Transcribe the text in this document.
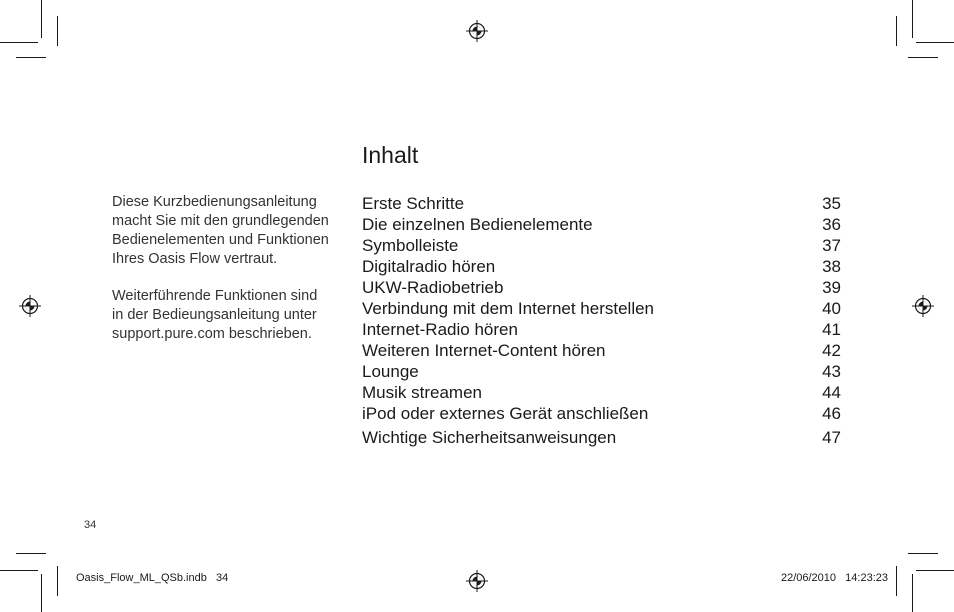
Diese Kurzbedienungsanleitung

macht Sie mit den grundlegenden

Bedienelementen und Funktionen

Ihres Oasis Flow vertraut.

Weiterführende Funktionen sind

in der Bedieungsanleitung unter

support.pure.com beschrieben.

Inhalt
Erste Schritte	35
Die einzelnen Bedienelemente	36
Symbolleiste	37
Digitalradio hören	38
UKW-Radiobetrieb	39
Verbindung mit dem Internet herstellen	40
Internet-Radio hören	41
Weiteren Internet-Content hören	42
Lounge	43
Musik streamen	44
iPod oder externes Gerät anschließen	46
Wichtige Sicherheitsanweisungen	47
34
Oasis_Flow_ML_QSb.indb   34	22/06/2010   14:23:23
